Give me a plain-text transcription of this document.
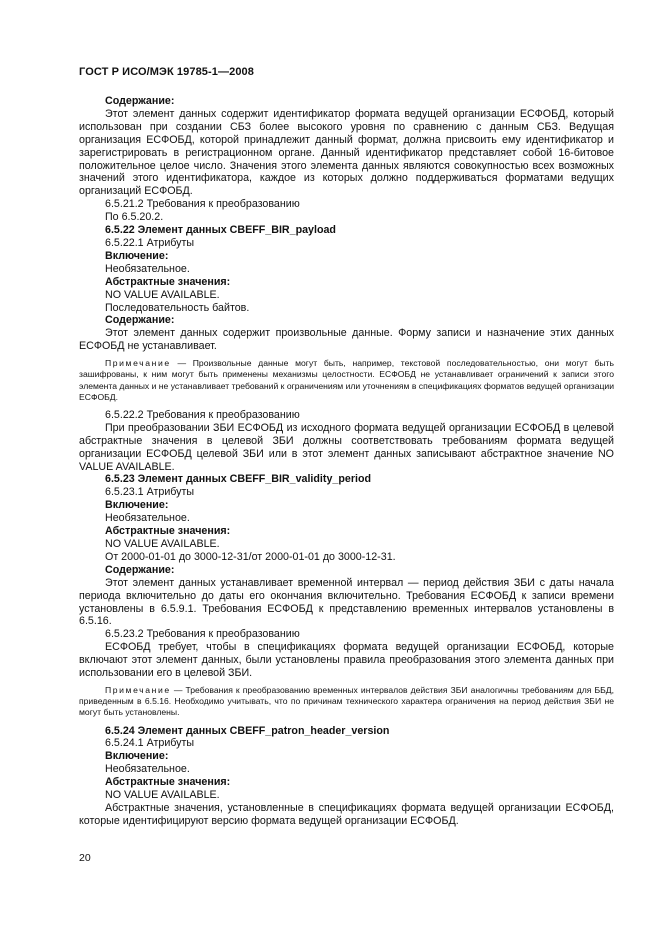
ГОСТ Р ИСО/МЭК 19785-1—2008

Содержание:

Этот элемент данных содержит идентификатор формата ведущей организации ЕСФОБД, который использован при создании СБЗ более высокого уровня по сравнению с данным СБЗ. Ведущая организация ЕСФОБД, которой принадлежит данный формат, должна присвоить ему идентификатор и зарегистрировать в регистрационном органе. Данный идентификатор представляет собой 16-битовое положительное целое число. Значения этого элемента данных являются совокупностью всех возможных значений этого идентификатора, каждое из которых должно поддерживаться форматами ведущих организаций ЕСФОБД.

6.5.21.2 Требования к преобразованию

По 6.5.20.2.

6.5.22 Элемент данных CBEFF_BIR_payload

6.5.22.1 Атрибуты

Включение:

Необязательное.

Абстрактные значения:

NO VALUE AVAILABLE.

Последовательность байтов.

Содержание:

Этот элемент данных содержит произвольные данные. Форму записи и назначение этих данных ЕСФОБД не устанавливает.

Примечание — Произвольные данные могут быть, например, текстовой последовательностью, они могут быть зашифрованы, к ним могут быть применены механизмы целостности. ЕСФОБД не устанавливает ограничений к записи этого элемента данных и не устанавливает требований к ограничениям или уточнениям в спецификациях форматов ведущей организации ЕСФОБД.

6.5.22.2 Требования к преобразованию

При преобразовании ЗБИ ЕСФОБД из исходного формата ведущей организации ЕСФОБД в целевой абстрактные значения в целевой ЗБИ должны соответствовать требованиям формата ведущей организации ЕСФОБД целевой ЗБИ или в этот элемент данных записывают абстрактное значение NO VALUE AVAILABLE.

6.5.23 Элемент данных CBEFF_BIR_validity_period

6.5.23.1 Атрибуты

Включение:

Необязательное.

Абстрактные значения:

NO VALUE AVAILABLE.

От 2000-01-01 до 3000-12-31/от 2000-01-01 до 3000-12-31.

Содержание:

Этот элемент данных устанавливает временной интервал — период действия ЗБИ с даты начала периода включительно до даты его окончания включительно. Требования ЕСФОБД к записи времени установлены в 6.5.9.1. Требования ЕСФОБД к представлению временных интервалов установлены в 6.5.16.

6.5.23.2 Требования к преобразованию

ЕСФОБД требует, чтобы в спецификациях формата ведущей организации ЕСФОБД, которые включают этот элемент данных, были установлены правила преобразования этого элемента данных при использовании его в целевой ЗБИ.

Примечание — Требования к преобразованию временных интервалов действия ЗБИ аналогичны требованиям для ББД, приведенным в 6.5.16. Необходимо учитывать, что по причинам технического характера ограничения на период действия ЗБИ не могут быть установлены.

6.5.24 Элемент данных CBEFF_patron_header_version

6.5.24.1 Атрибуты

Включение:

Необязательное.

Абстрактные значения:

NO VALUE AVAILABLE.

Абстрактные значения, установленные в спецификациях формата ведущей организации ЕСФОБД, которые идентифицируют версию формата ведущей организации ЕСФОБД.

20
